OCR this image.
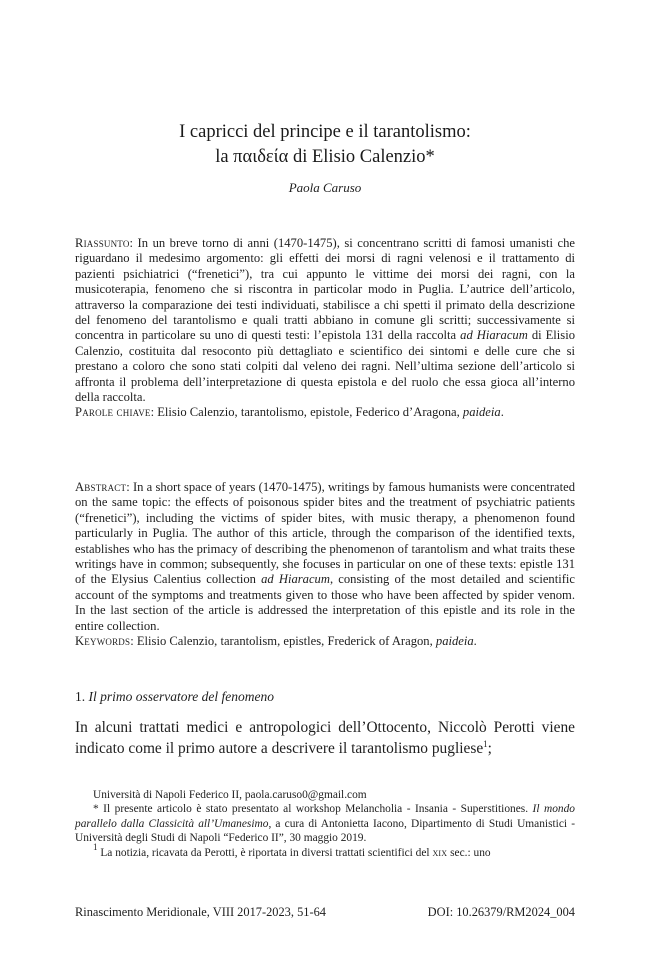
I capricci del principe e il tarantolismo:
la παιδεία di Elisio Calenzio*
Paola Caruso

Riassunto: In un breve torno di anni (1470-1475), si concentrano scritti di famosi umanisti che riguardano il medesimo argomento: gli effetti dei morsi di ragni velenosi e il trattamento di pazienti psichiatrici (“frenetici”), tra cui appunto le vittime dei morsi dei ragni, con la musicoterapia, fenomeno che si riscontra in particolar modo in Puglia. L’autrice dell’articolo, attraverso la comparazione dei testi individuati, stabilisce a chi spetti il primato della descrizione del fenomeno del tarantolismo e quali tratti abbiano in comune gli scritti; successivamente si concentra in particolare su uno di questi testi: l’epistola 131 della raccolta ad Hiaracum di Elisio Calenzio, costituita dal resoconto più dettagliato e scientifico dei sintomi e delle cure che si prestano a coloro che sono stati colpiti dal veleno dei ragni. Nell’ultima sezione dell’articolo si affronta il problema dell’interpretazione di questa epistola e del ruolo che essa gioca all’interno della raccolta.

Parole chiave: Elisio Calenzio, tarantolismo, epistole, Federico d’Aragona, paideia.

Abstract: In a short space of years (1470-1475), writings by famous humanists were concentrated on the same topic: the effects of poisonous spider bites and the treatment of psychiatric patients (“frenetici”), including the victims of spider bites, with music therapy, a phenomenon found particularly in Puglia. The author of this article, through the comparison of the identified texts, establishes who has the primacy of describing the phenomenon of tarantolism and what traits these writings have in common; subsequently, she focuses in particular on one of these texts: epistle 131 of the Elysius Calentius collection ad Hiaracum, consisting of the most detailed and scientific account of the symptoms and treatments given to those who have been affected by spider venom. In the last section of the article is addressed the interpretation of this epistle and its role in the entire collection.

Keywords: Elisio Calenzio, tarantolism, epistles, Frederick of Aragon, paideia.

1. Il primo osservatore del fenomeno
In alcuni trattati medici e antropologici dell’Ottocento, Niccolò Perotti viene indicato come il primo autore a descrivere il tarantolismo pugliese$^1$;

Università di Napoli Federico II, paola.caruso0@gmail.com

* Il presente articolo è stato presentato al workshop Melancholia - Insania - Superstitiones. Il mondo parallelo dalla Classicità all’Umanesimo, a cura di Antonietta Iacono, Dipartimento di Studi Umanistici - Università degli Studi di Napoli “Federico II”, 30 maggio 2019.

$^1$ La notizia, ricavata da Perotti, è riportata in diversi trattati scientifici del xix sec.: uno

Rinascimento Meridionale, VIII 2017-2023, 51-64	DOI: 10.26379/RM2024_004
